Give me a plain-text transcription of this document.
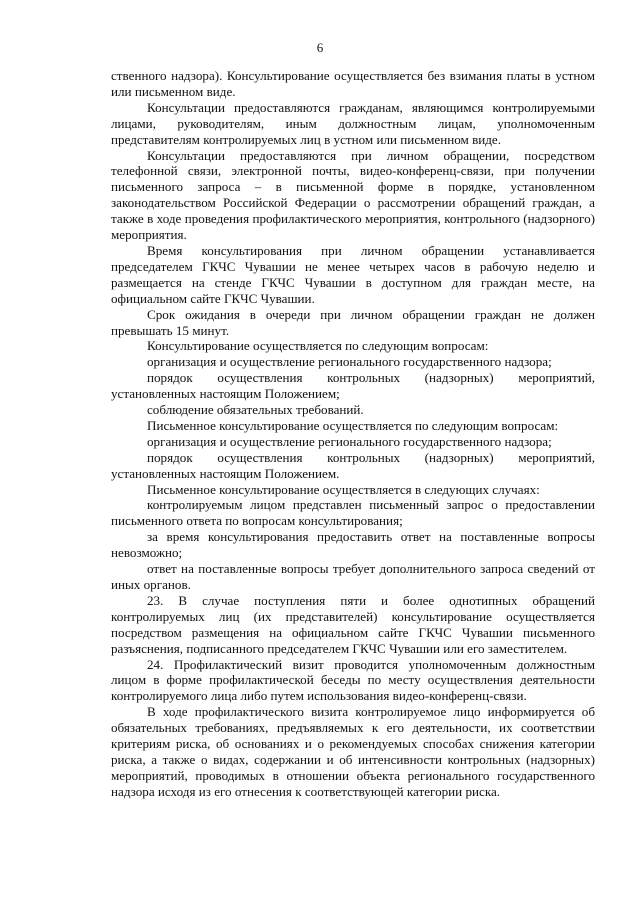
6

ственного надзора). Консультирование осуществляется без взимания платы в устном или письменном виде.

Консультации предоставляются гражданам, являющимся контролируемыми лицами, руководителям, иным должностным лицам, уполномоченным представителям контролируемых лиц в устном или письменном виде.

Консультации предоставляются при личном обращении, посредством телефонной связи, электронной почты, видео-конференц-связи, при получении письменного запроса – в письменной форме в порядке, установленном законодательством Российской Федерации о рассмотрении обращений граждан, а также в ходе проведения профилактического мероприятия, контрольного (надзорного) мероприятия.

Время консультирования при личном обращении устанавливается председателем ГКЧС Чувашии не менее четырех часов в рабочую неделю и размещается на стенде ГКЧС Чувашии в доступном для граждан месте, на официальном сайте ГКЧС Чувашии.

Срок ожидания в очереди при личном обращении граждан не должен превышать 15 минут.

Консультирование осуществляется по следующим вопросам:

организация и осуществление регионального государственного надзора;

порядок осуществления контрольных (надзорных) мероприятий, установленных настоящим Положением;

соблюдение обязательных требований.

Письменное консультирование осуществляется по следующим вопросам:

организация и осуществление регионального государственного надзора;

порядок осуществления контрольных (надзорных) мероприятий, установленных настоящим Положением.

Письменное консультирование осуществляется в следующих случаях:

контролируемым лицом представлен письменный запрос о предоставлении письменного ответа по вопросам консультирования;

за время консультирования предоставить ответ на поставленные вопросы невозможно;

ответ на поставленные вопросы требует дополнительного запроса сведений от иных органов.

23. В случае поступления пяти и более однотипных обращений контролируемых лиц (их представителей) консультирование осуществляется посредством размещения на официальном сайте ГКЧС Чувашии письменного разъяснения, подписанного председателем ГКЧС Чувашии или его заместителем.

24. Профилактический визит проводится уполномоченным должностным лицом в форме профилактической беседы по месту осуществления деятельности контролируемого лица либо путем использования видео-конференц-связи.

В ходе профилактического визита контролируемое лицо информируется об обязательных требованиях, предъявляемых к его деятельности, их соответствии критериям риска, об основаниях и о рекомендуемых способах снижения категории риска, а также о видах, содержании и об интенсивности контрольных (надзорных) мероприятий, проводимых в отношении объекта регионального государственного надзора исходя из его отнесения к соответствующей категории риска.
